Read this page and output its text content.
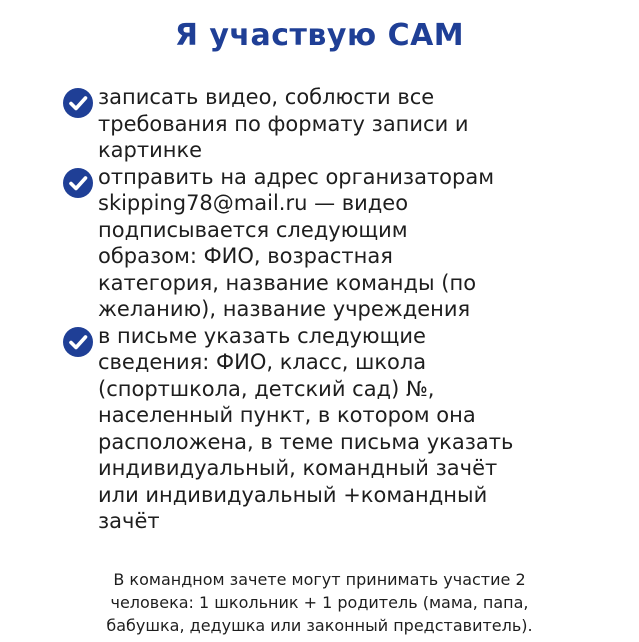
Я участвую САМ

записать видео, соблюсти все
требования по формату записи и
картинке

отправить на адрес организаторам
skipping78@mail.ru — видео
подписывается следующим
образом: ФИО, возрастная
категория, название команды (по
желанию), название учреждения

в письме указать следующие
сведения: ФИО, класс, школа
(спортшкола, детский сад) №,
населенный пункт, в котором она
расположена, в теме письма указать
индивидуальный, командный зачёт
или индивидуальный +командный
зачёт

В командном зачете могут принимать участие 2
человека: 1 школьник + 1 родитель (мама, папа,
бабушка, дедушка или законный представитель).
